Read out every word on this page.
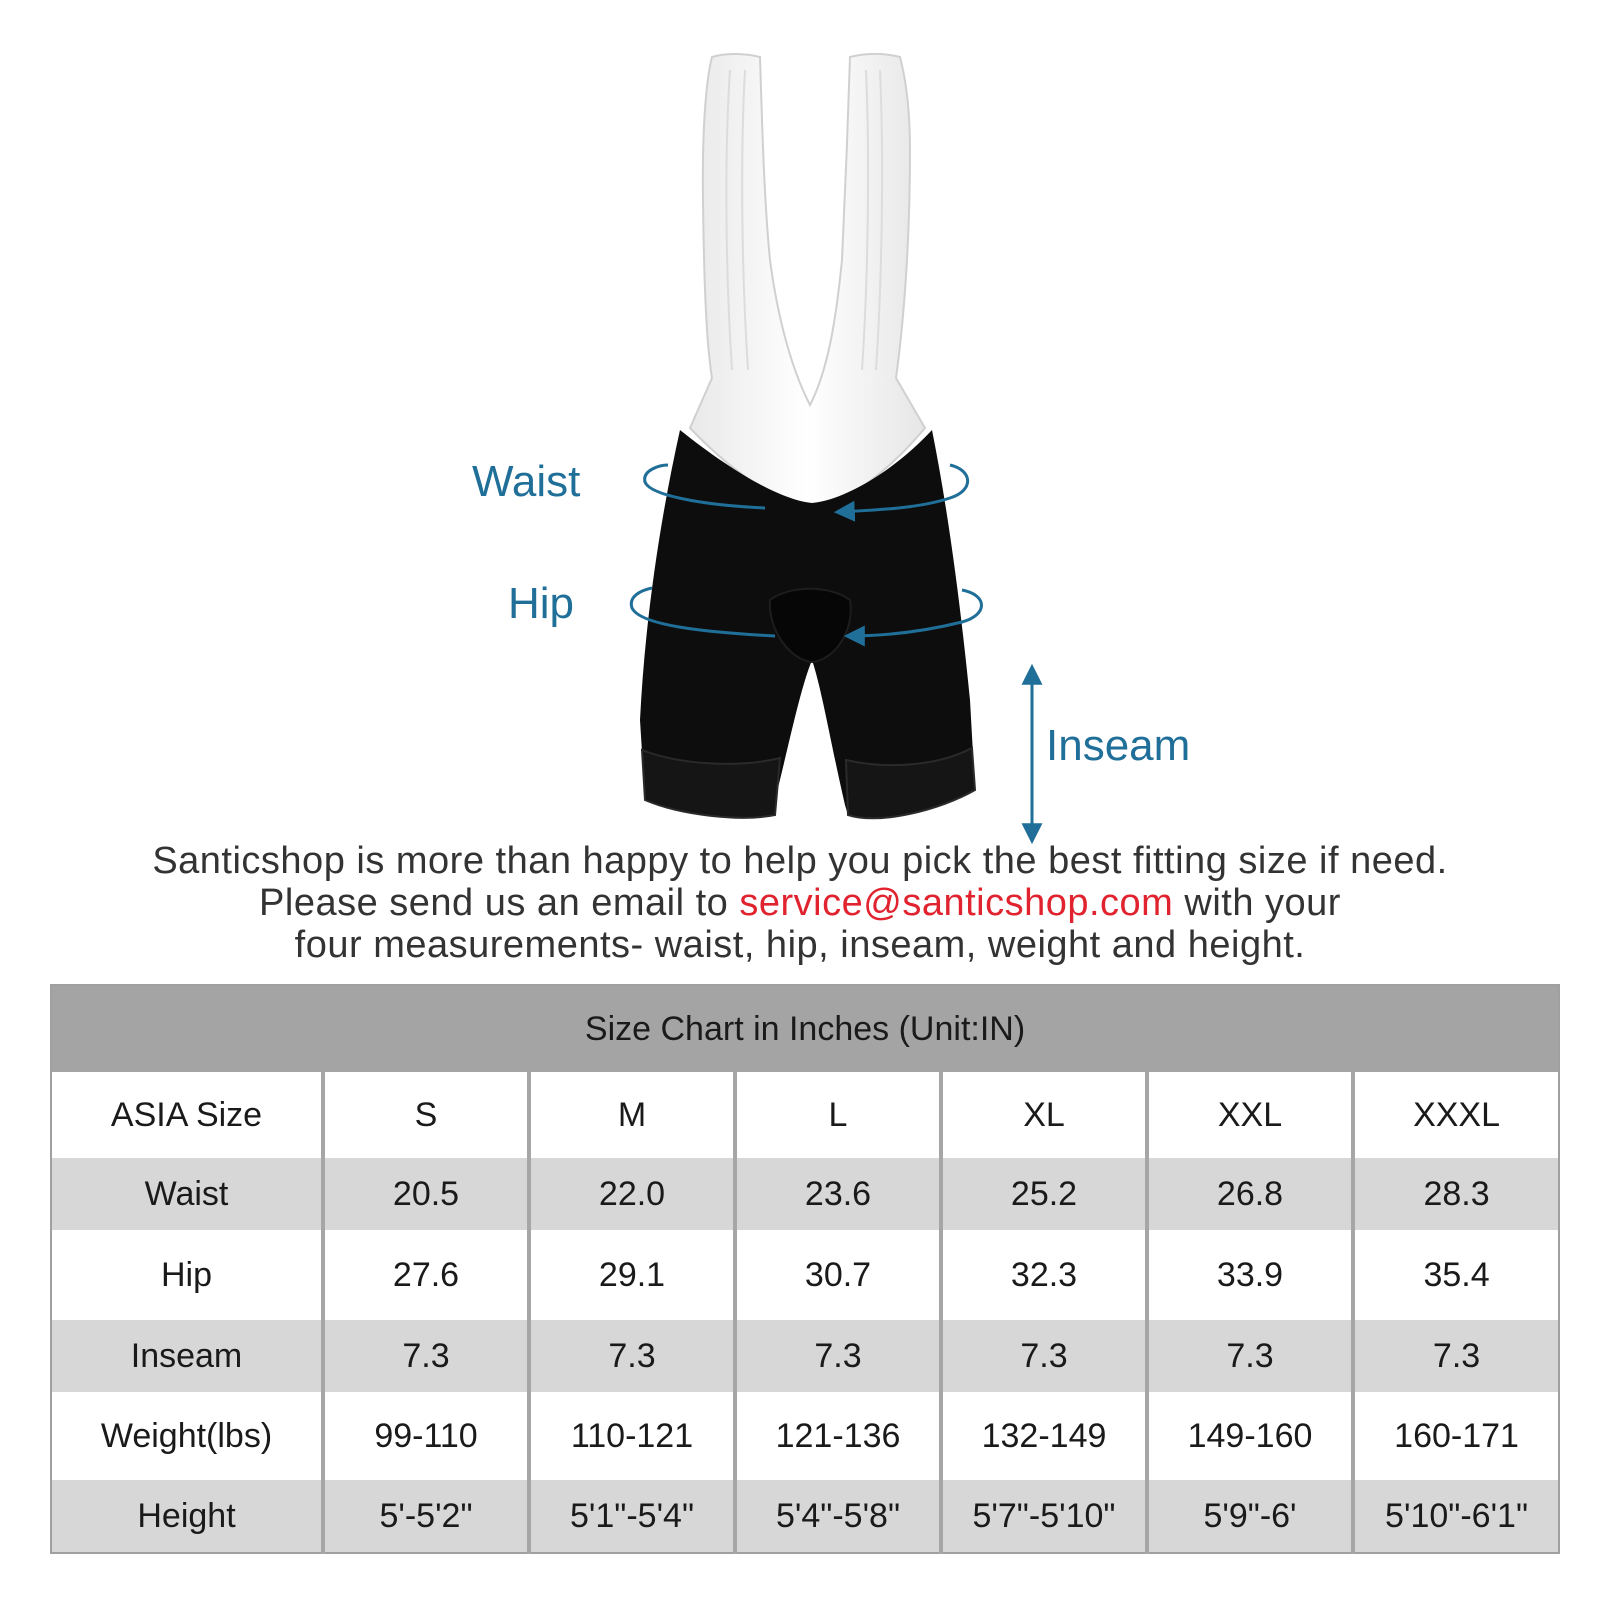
Waist
Hip
Inseam
Santicshop is more than happy to help you pick the best fitting size if need.
Please send us an email to service@santicshop.com with your
four measurements- waist, hip, inseam, weight and height.
Size Chart in Inches (Unit:IN)						
ASIA Size	S	M	L	XL	XXL	XXXL
Waist	20.5	22.0	23.6	25.2	26.8	28.3
Hip	27.6	29.1	30.7	32.3	33.9	35.4
Inseam	7.3	7.3	7.3	7.3	7.3	7.3
Weight(lbs)	99-110	110-121	121-136	132-149	149-160	160-171
Height	5'-5'2"	5'1"-5'4"	5'4"-5'8"	5'7"-5'10"	5'9"-6'	5'10"-6'1"
